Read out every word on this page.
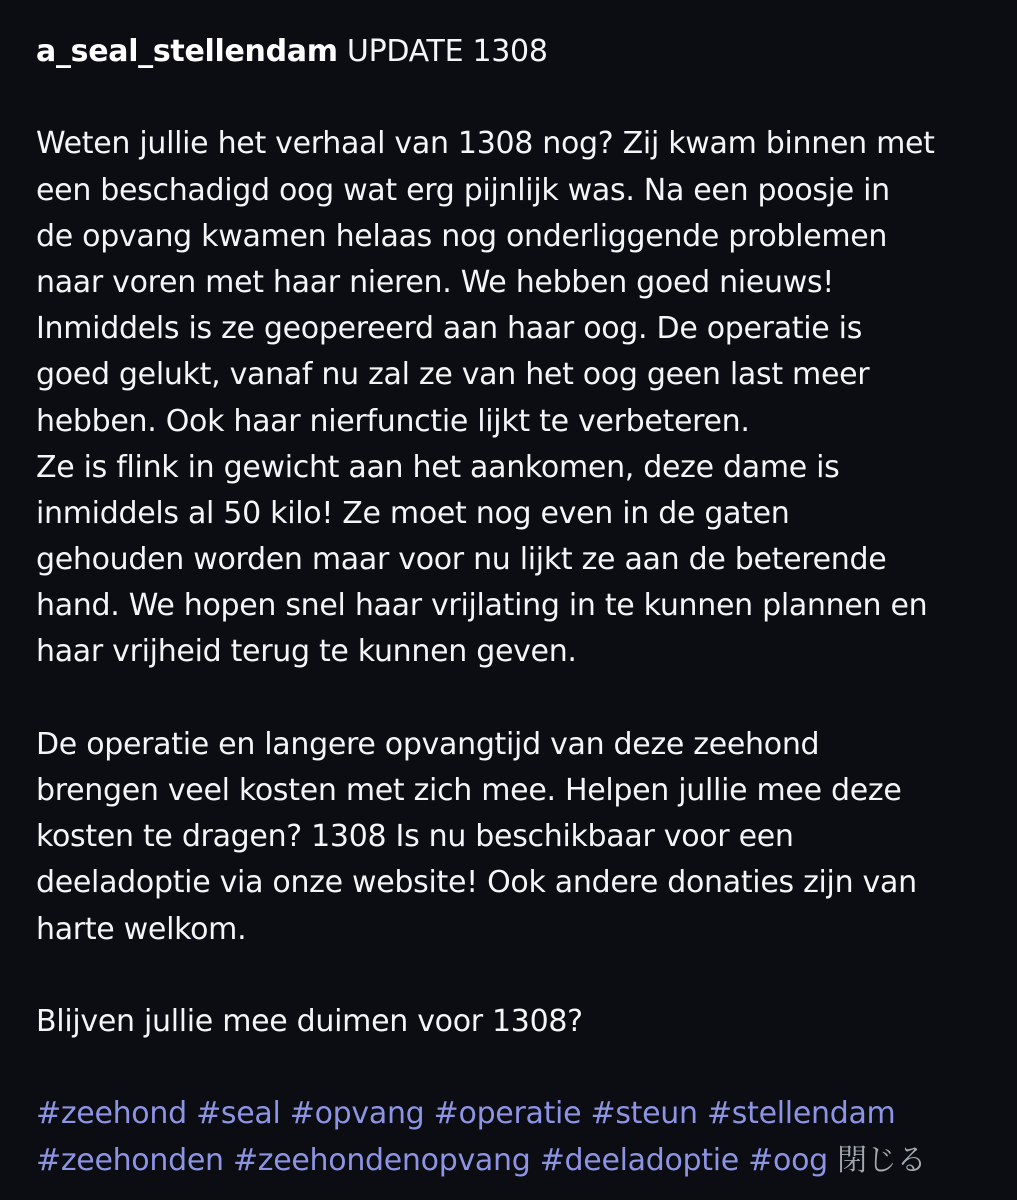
a_seal_stellendam UPDATE 1308
Weten jullie het verhaal van 1308 nog? Zij kwam binnen met
een beschadigd oog wat erg pijnlijk was. Na een poosje in
de opvang kwamen helaas nog onderliggende problemen
naar voren met haar nieren. We hebben goed nieuws!
Inmiddels is ze geopereerd aan haar oog. De operatie is
goed gelukt, vanaf nu zal ze van het oog geen last meer
hebben. Ook haar nierfunctie lijkt te verbeteren.
Ze is flink in gewicht aan het aankomen, deze dame is
inmiddels al 50 kilo! Ze moet nog even in de gaten
gehouden worden maar voor nu lijkt ze aan de beterende
hand. We hopen snel haar vrijlating in te kunnen plannen en
haar vrijheid terug te kunnen geven.
De operatie en langere opvangtijd van deze zeehond
brengen veel kosten met zich mee. Helpen jullie mee deze
kosten te dragen? 1308 Is nu beschikbaar voor een
deeladoptie via onze website! Ook andere donaties zijn van
harte welkom.
Blijven jullie mee duimen voor 1308?
#zeehond #seal #opvang #operatie #steun #stellendam
#zeehonden #zeehondenopvang #deeladoptie #oog 閉じる
